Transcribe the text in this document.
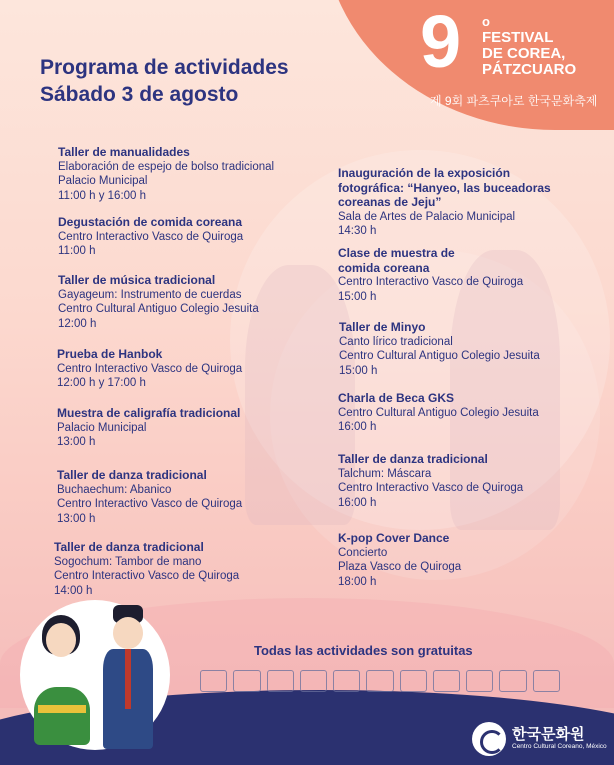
Programa de actividades
Sábado 3 de agosto
9 o
FESTIVAL
DE COREA,
PÁTZCUARO
제 9회 파츠쿠아로 한국문화축제
Taller de manualidades
Elaboración de espejo de bolso tradicional
Palacio Municipal
11:00 h y 16:00 h
Degustación de comida coreana
Centro Interactivo Vasco de Quiroga
11:00 h
Taller de música tradicional
Gayageum: Instrumento de cuerdas
Centro Cultural Antiguo Colegio Jesuita
12:00 h
Prueba de Hanbok
Centro Interactivo Vasco de Quiroga
12:00 h y 17:00 h
Muestra de caligrafía tradicional
Palacio Municipal
13:00 h
Taller de danza tradicional
Buchaechum: Abanico
Centro Interactivo Vasco de Quiroga
13:00 h
Taller de danza tradicional
Sogochum: Tambor de mano
Centro Interactivo Vasco de Quiroga
14:00 h
Inauguración de la exposición
fotográfica: “Hanyeo, las buceadoras
coreanas de Jeju”
Sala de Artes de Palacio Municipal
14:30 h
Clase de muestra de
comida coreana
Centro Interactivo Vasco de Quiroga
15:00 h
Taller de Minyo
Canto lírico tradicional
Centro Cultural Antiguo Colegio Jesuita
15:00 h
Charla de Beca GKS
Centro Cultural Antiguo Colegio Jesuita
16:00 h
Taller de danza tradicional
Talchum: Máscara
Centro Interactivo Vasco de Quiroga
16:00 h
K-pop Cover Dance
Concierto
Plaza Vasco de Quiroga
18:00 h
Todas las actividades son gratuitas
한국문화원
Centro Cultural Coreano, México
